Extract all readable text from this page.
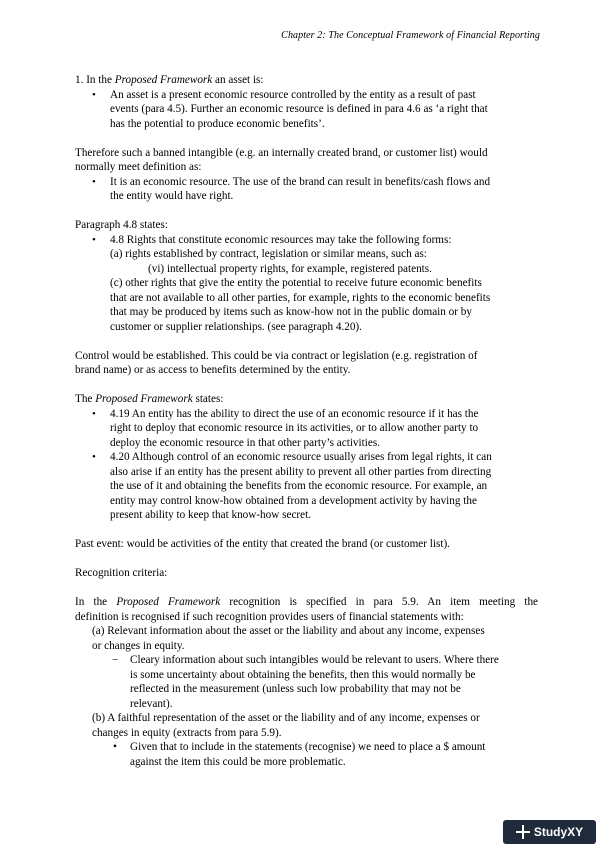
Chapter 2: The Conceptual Framework of Financial Reporting

1. In the Proposed Framework an asset is:

• An asset is a present economic resource controlled by the entity as a result of past
events (para 4.5). Further an economic resource is defined in para 4.6 as ‘a right that
has the potential to produce economic benefits’.
Therefore such a banned intangible (e.g. an internally created brand, or customer list) would
normally meet definition as:
• It is an economic resource. The use of the brand can result in benefits/cash flows and
the entity would have right.
Paragraph 4.8 states:
• 4.8 Rights that constitute economic resources may take the following forms:
(a) rights established by contract, legislation or similar means, such as:
(vi) intellectual property rights, for example, registered patents.
(c) other rights that give the entity the potential to receive future economic benefits
that are not available to all other parties, for example, rights to the economic benefits
that may be produced by items such as know-how not in the public domain or by
customer or supplier relationships. (see paragraph 4.20).
Control would be established. This could be via contract or legislation (e.g. registration of
brand name) or as access to benefits determined by the entity.

The Proposed Framework states:

• 4.19 An entity has the ability to direct the use of an economic resource if it has the
right to deploy that economic resource in its activities, or to allow another party to
deploy the economic resource in that other party’s activities.
• 4.20 Although control of an economic resource usually arises from legal rights, it can
also arise if an entity has the present ability to prevent all other parties from directing
the use of it and obtaining the benefits from the economic resource. For example, an
entity may control know-how obtained from a development activity by having the
present ability to keep that know-how secret.
Past event: would be activities of the entity that created the brand (or customer list).
Recognition criteria:
In the Proposed Framework recognition is specified in para 5.9. An item meeting the
definition is recognised if such recognition provides users of financial statements with:
(a) Relevant information about the asset or the liability and about any income, expenses
or changes in equity.
− Cleary information about such intangibles would be relevant to users. Where there
is some uncertainty about obtaining the benefits, then this would normally be
reflected in the measurement (unless such low probability that may not be
relevant).
(b) A faithful representation of the asset or the liability and of any income, expenses or
changes in equity (extracts from para 5.9).
• Given that to include in the statements (recognise) we need to place a $ amount
against the item this could be more problematic.
StudyXY
